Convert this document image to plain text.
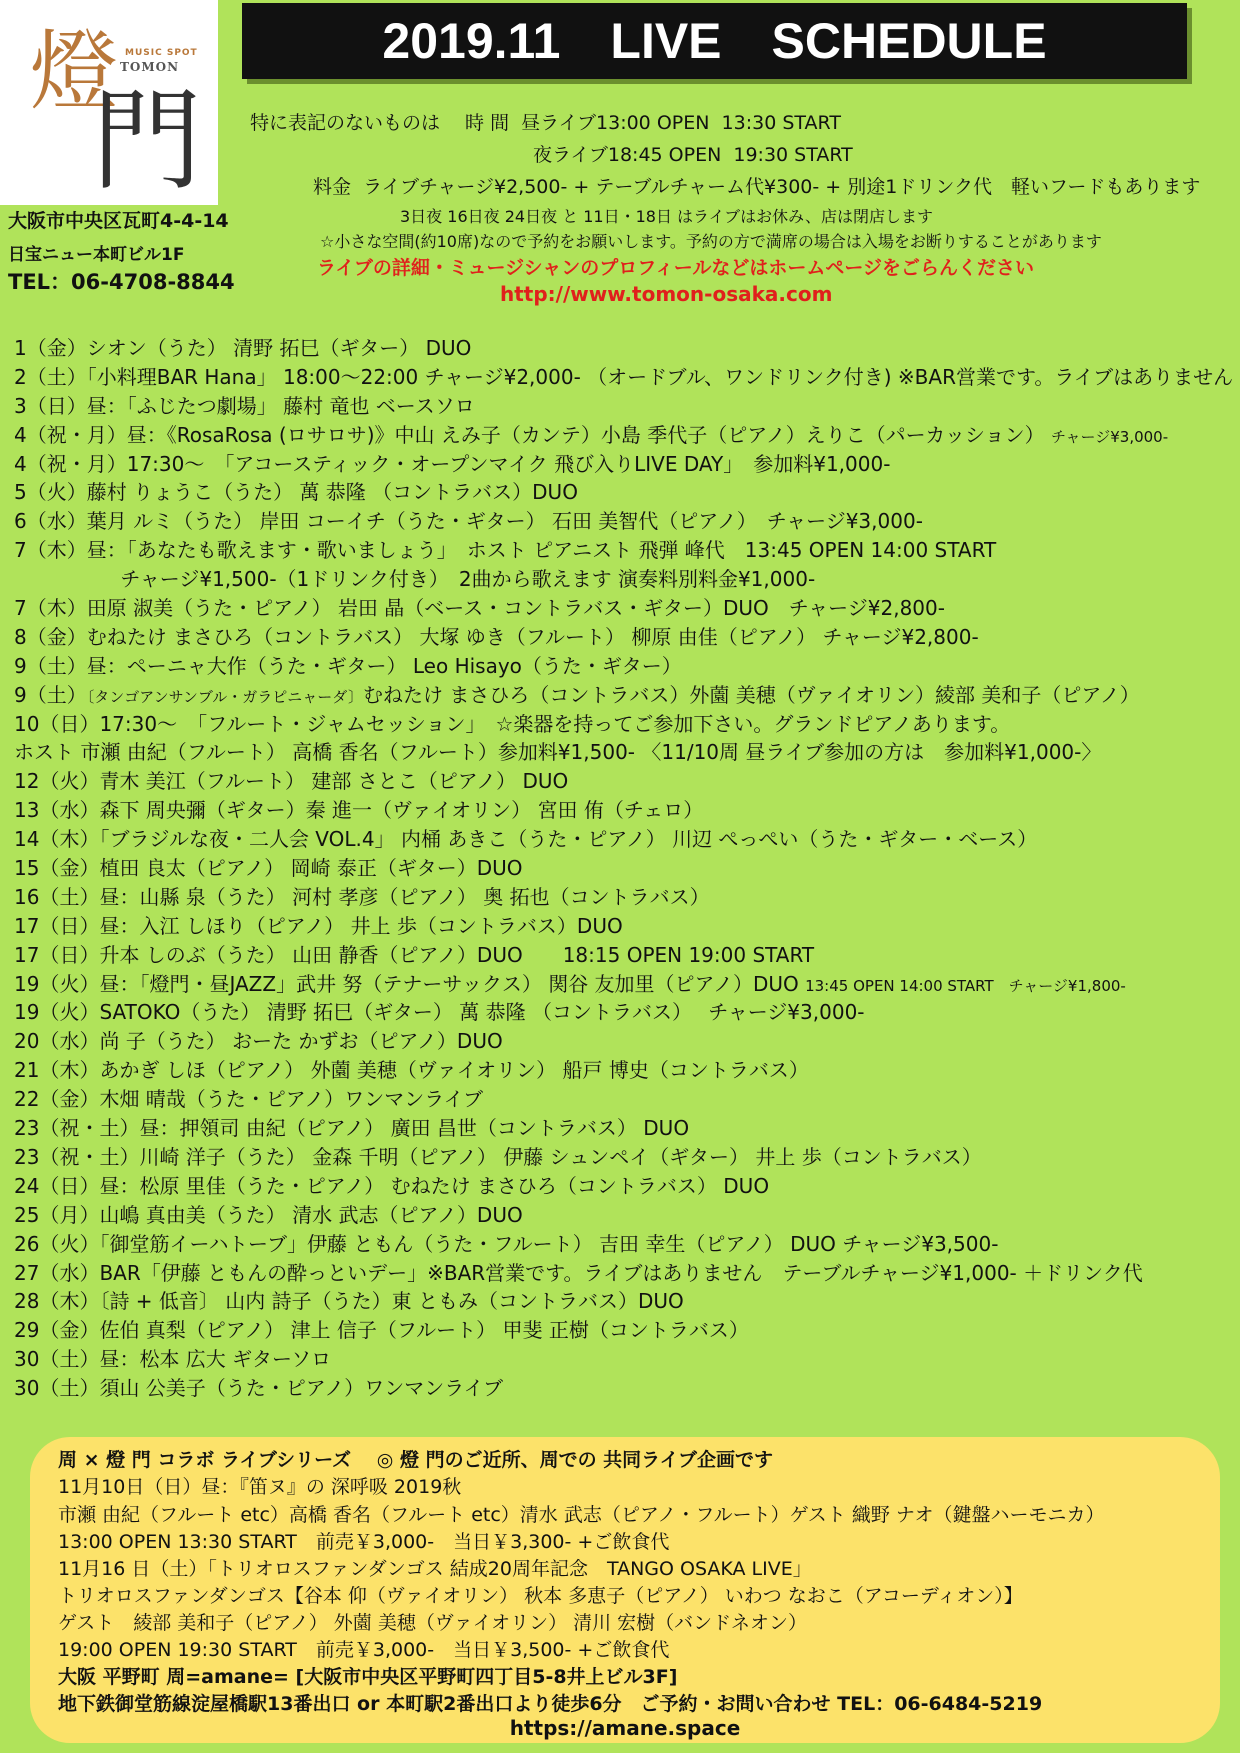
燈 MUSIC SPOT
TOMON
門
大阪市中央区瓦町4-4-14
日宝ニュー本町ビル1F
TEL：06-4708-8844
2019.11　LIVE　SCHEDULE
特に表記のないものは　 時 間  昼ライブ13:00 OPEN  13:30 START
夜ライブ18:45 OPEN  19:30 START
料金  ライブチャージ¥2,500- + テーブルチャーム代¥300- + 別途1ドリンク代　軽いフードもあります
3日夜 16日夜 24日夜 と 11日・18日 はライブはお休み、店は閉店します
☆小さな空間(約10席)なので予約をお願いします。予約の方で満席の場合は入場をお断りすることがあります
ライブの詳細・ミュージシャンのプロフィールなどはホームページをごらんください
http://www.tomon-osaka.com
1（金）シオン（うた） 清野 拓巳（ギター） DUO
2（土）「小料理BAR Hana」 18:00〜22:00 チャージ¥2,000- （オードブル、ワンドリンク付き) ※BAR営業です。ライブはありません
3（日）昼：「ふじたつ劇場」 藤村 竜也 ベースソロ
4（祝・月）昼：《RosaRosa (ロサロサ)》中山 えみ子（カンテ）小島 季代子（ピアノ）えりこ（パーカッション） チャージ¥3,000-
4（祝・月）17:30〜　「アコースティック・オープンマイク 飛び入りLIVE DAY」　参加料¥1,000-
5（火）藤村 りょうこ（うた） 萬 恭隆 （コントラバス）DUO
6（水）葉月 ルミ（うた） 岸田 コーイチ（うた・ギター） 石田 美智代（ピアノ）　チャージ¥3,000-
7（木）昼：「あなたも歌えます・歌いましょう」　ホスト ピアニスト 飛弾 峰代　13:45 OPEN 14:00 START
　　　　　 チャージ¥1,500-（1ドリンク付き）　2曲から歌えます 演奏料別料金¥1,000-
7（木）田原 淑美（うた・ピアノ） 岩田 晶（ベース・コントラバス・ギター）DUO　チャージ¥2,800-
8（金）むねたけ まさひろ（コントラバス） 大塚 ゆき（フルート） 柳原 由佳（ピアノ） チャージ¥2,800-
9（土）昼：ペーニャ大作（うた・ギター） Leo Hisayo（うた・ギター）
9（土）〔タンゴアンサンブル・ガラピニャーダ〕むねたけ まさひろ（コントラバス）外薗 美穂（ヴァイオリン）綾部 美和子（ピアノ）
10（日）17:30〜　「フルート・ジャムセッション」　☆楽器を持ってご参加下さい。グランドピアノあります。
ホスト 市瀬 由紀（フルート） 高橋 香名（フルート）参加料¥1,500- 〈11/10周 昼ライブ参加の方は　参加料¥1,000-〉
12（火）青木 美江（フルート） 建部 さとこ（ピアノ） DUO
13（水）森下 周央彌（ギター）秦 進一（ヴァイオリン） 宮田 侑（チェロ）
14（木）「ブラジルな夜・二人会 VOL.4」 内桶 あきこ（うた・ピアノ） 川辺 ぺっぺい（うた・ギター・ベース）
15（金）植田 良太（ピアノ） 岡崎 泰正（ギター）DUO
16（土）昼：山縣 泉（うた） 河村 孝彦（ピアノ） 奥 拓也（コントラバス）
17（日）昼：入江 しほり（ピアノ） 井上 歩（コントラバス）DUO
17（日）升本 しのぶ（うた） 山田 静香（ピアノ）DUO　　18:15 OPEN 19:00 START
19（火）昼：「燈門・昼JAZZ」武井 努（テナーサックス） 関谷 友加里（ピアノ）DUO 13:45 OPEN 14:00 START　チャージ¥1,800-
19（火）SATOKO（うた） 清野 拓巳（ギター） 萬 恭隆 （コントラバス）　 チャージ¥3,000-
20（水）尚 子（うた） おーた かずお（ピアノ）DUO
21（木）あかぎ しほ（ピアノ） 外薗 美穂（ヴァイオリン） 船戸 博史（コントラバス）
22（金）木畑 晴哉（うた・ピアノ）ワンマンライブ
23（祝・土）昼：押領司 由紀（ピアノ） 廣田 昌世（コントラバス） DUO
23（祝・土）川崎 洋子（うた） 金森 千明（ピアノ） 伊藤 シュンペイ（ギター） 井上 歩（コントラバス）
24（日）昼：松原 里佳（うた・ピアノ） むねたけ まさひろ（コントラバス） DUO
25（月）山嶋 真由美（うた） 清水 武志（ピアノ）DUO
26（火）「御堂筋イーハトーブ」伊藤 ともん（うた・フルート） 吉田 幸生（ピアノ） DUO チャージ¥3,500-
27（水）BAR「伊藤 ともんの酔っといデー」※BAR営業です。ライブはありません　テーブルチャージ¥1,000- ＋ドリンク代
28（木）〔詩 + 低音〕 山内 詩子（うた）東 ともみ（コントラバス）DUO
29（金）佐伯 真梨（ピアノ） 津上 信子（フルート） 甲斐 正樹（コントラバス）
30（土）昼：松本 広大 ギターソロ
30（土）須山 公美子（うた・ピアノ）ワンマンライブ
周 × 燈 門 コラボ ライブシリーズ　 ◎ 燈 門のご近所、周での 共同ライブ企画です
11月10日（日）昼：『笛ヌ』の 深呼吸 2019秋
市瀬 由紀（フルート etc）高橋 香名（フルート etc）清水 武志（ピアノ・フルート）ゲスト 織野 ナオ（鍵盤ハーモニカ）
13:00 OPEN 13:30 START　前売￥3,000-　当日￥3,300- +ご飲食代
11月16 日（土）「トリオロスファンダンゴス 結成20周年記念　TANGO OSAKA LIVE」
トリオロスファンダンゴス【谷本 仰（ヴァイオリン） 秋本 多恵子（ピアノ） いわつ なおこ（アコーディオン）】
ゲスト　綾部 美和子（ピアノ） 外薗 美穂（ヴァイオリン） 清川 宏樹（バンドネオン）
19:00 OPEN 19:30 START　前売￥3,000-　当日￥3,500- +ご飲食代
大阪 平野町 周=amane= [大阪市中央区平野町四丁目5-8井上ビル3F]
地下鉄御堂筋線淀屋橋駅13番出口 or 本町駅2番出口より徒歩6分　ご予約・お問い合わせ TEL：06-6484-5219
https://amane.space
